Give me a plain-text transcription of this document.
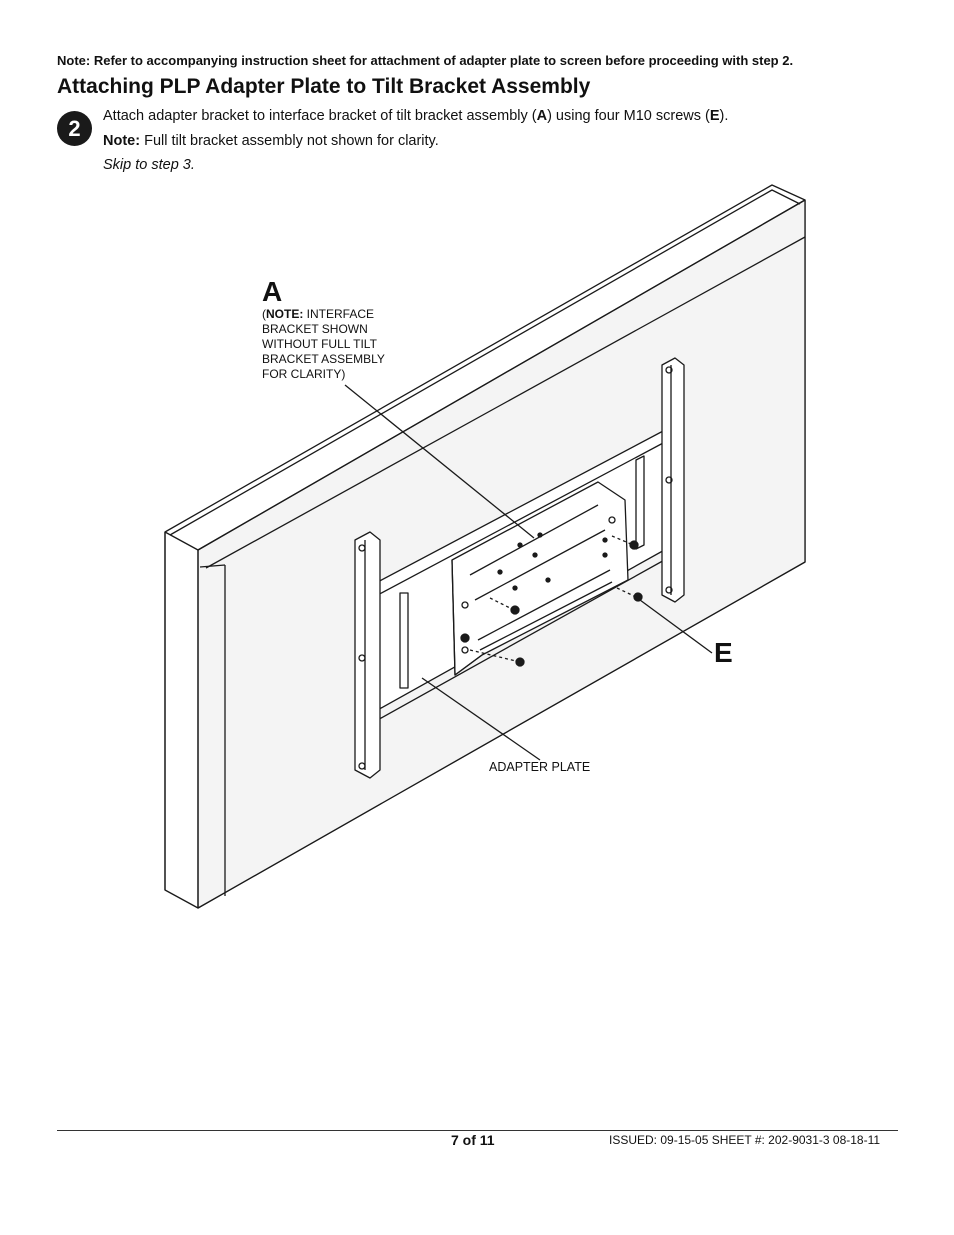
Note: Refer to accompanying instruction sheet for attachment of adapter plate to screen before proceeding with step 2.
Attaching PLP Adapter Plate to Tilt Bracket Assembly
2	Attach adapter bracket to interface bracket of tilt bracket assembly (A) using four M10 screws (E).
Note: Full tilt bracket assembly not shown for clarity.
Skip to step 3.
A
(NOTE: INTERFACE BRACKET SHOWN WITHOUT FULL TILT BRACKET ASSEMBLY FOR CLARITY)
E
ADAPTER PLATE
7 of 11	ISSUED: 09-15-05 SHEET #: 202-9031-3 08-18-11
